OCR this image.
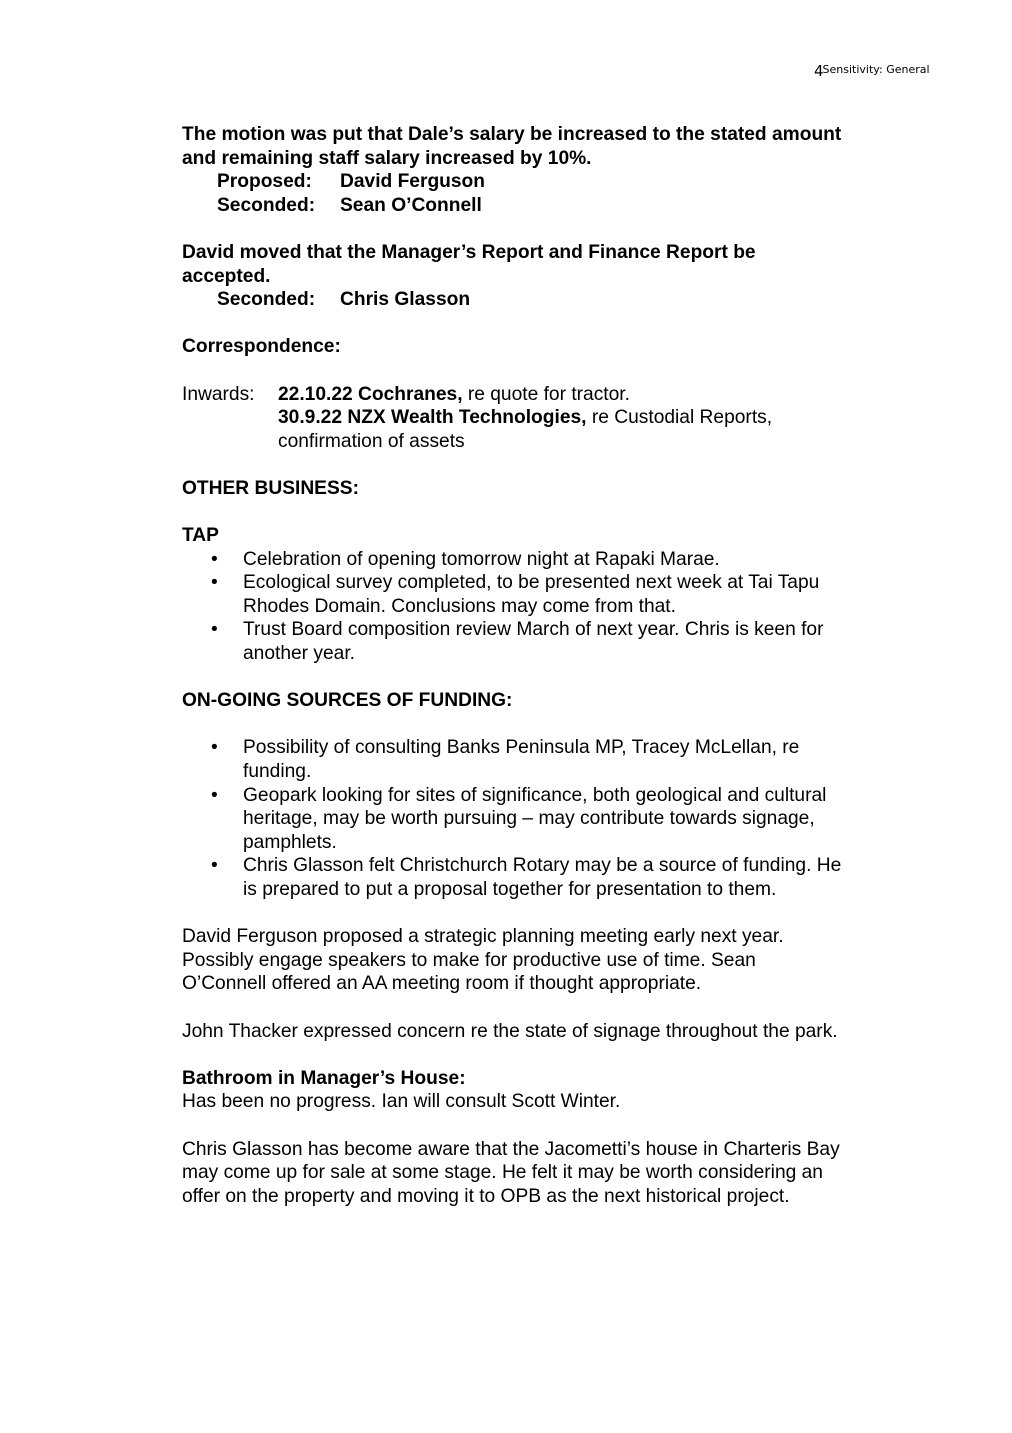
4Sensitivity: General

The motion was put that Dale’s salary be increased to the stated amount and remaining staff salary increased by 10%.

Proposed:	David Ferguson
Seconded:	Sean O’Connell

David moved that the Manager’s Report and Finance Report be accepted.

Seconded:	Chris Glasson

Correspondence:

Inwards:	22.10.22 Cochranes, re quote for tractor.
30.9.22 NZX Wealth Technologies, re Custodial Reports, confirmation of assets

OTHER BUSINESS:

TAP

• Celebration of opening tomorrow night at Rapaki Marae.
• Ecological survey completed, to be presented next week at Tai Tapu Rhodes Domain. Conclusions may come from that.
• Trust Board composition review March of next year. Chris is keen for another year.

ON-GOING SOURCES OF FUNDING:

• Possibility of consulting Banks Peninsula MP, Tracey McLellan, re funding.
• Geopark looking for sites of significance, both geological and cultural heritage, may be worth pursuing – may contribute towards signage, pamphlets.
• Chris Glasson felt Christchurch Rotary may be a source of funding. He is prepared to put a proposal together for presentation to them.

David Ferguson proposed a strategic planning meeting early next year. Possibly engage speakers to make for productive use of time. Sean O’Connell offered an AA meeting room if thought appropriate.

John Thacker expressed concern re the state of signage throughout the park.

Bathroom in Manager’s House:

Has been no progress. Ian will consult Scott Winter.

Chris Glasson has become aware that the Jacometti’s house in Charteris Bay may come up for sale at some stage. He felt it may be worth considering an offer on the property and moving it to OPB as the next historical project.
